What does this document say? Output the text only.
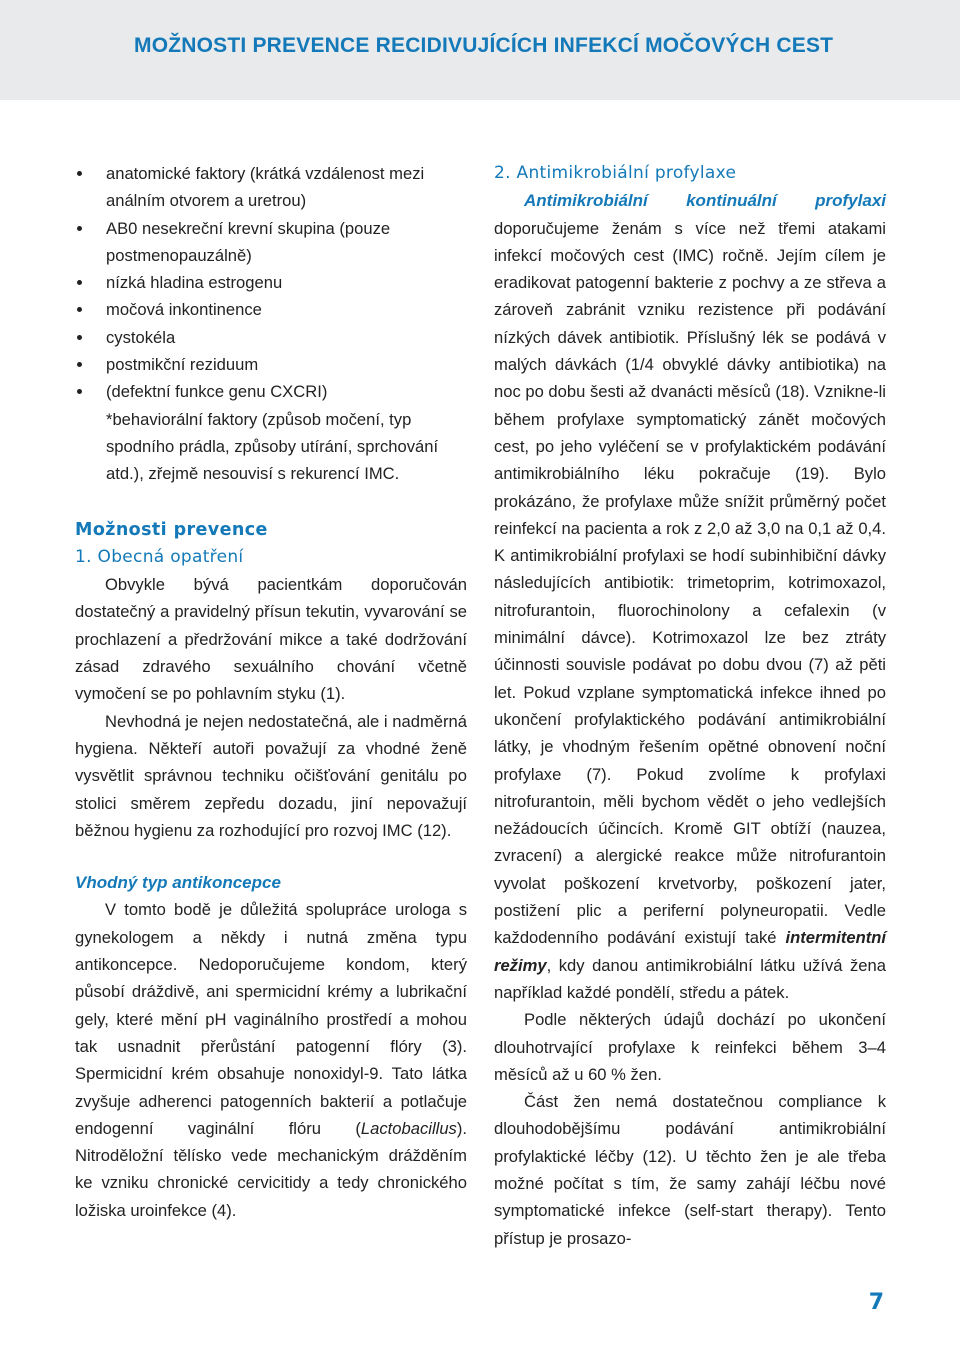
MOŽNOSTI PREVENCE RECIDIVUJÍCÍCH INFEKCÍ MOČOVÝCH CEST
anatomické faktory (krátká vzdálenost mezi análním otvorem a uretrou)
AB0 nesekreční krevní skupina (pouze postmenopauzálně)
nízká hladina estrogenu
močová inkontinence
cystokéla
postmikční reziduum
(defektní funkce genu CXCRI)
*behaviorální faktory (způsob močení, typ spodního prádla, způsoby utírání, sprchování atd.), zřejmě nesouvisí s rekurencí IMC.
Možnosti prevence
1. Obecná opatření

Obvykle bývá pacientkám doporučován dostatečný a pravidelný přísun tekutin, vyvarování se prochlazení a předržování mikce a také dodržování zásad zdravého sexuálního chování včetně vymočení se po pohlavním styku (1).

Nevhodná je nejen nedostatečná, ale i nadměrná hygiena. Někteří autoři považují za vhodné ženě vysvětlit správnou techniku očišťování genitálu po stolici směrem zepředu dozadu, jiní nepovažují běžnou hygienu za rozhodující pro rozvoj IMC (12).

Vhodný typ antikoncepce

V tomto bodě je důležitá spolupráce urologa s gynekologem a někdy i nutná změna typu antikoncepce. Nedoporučujeme kondom, který působí dráždivě, ani spermicidní krémy a lubrikační gely, které mění pH vaginálního prostředí a mohou tak usnadnit přerůstání patogenní flóry (3). Spermicidní krém obsahuje nonoxidyl-9. Tato látka zvyšuje adherenci patogenních bakterií a potlačuje endogenní vaginální flóru (Lactobacillus). Nitroděložní tělísko vede mechanickým drážděním ke vzniku chronické cervicitidy a tedy chronického ložiska uroinfekce (4).

2. Antimikrobiální profylaxe

Antimikrobiální kontinuální profylaxi doporučujeme ženám s více než třemi atakami infekcí močových cest (IMC) ročně. Jejím cílem je eradikovat patogenní bakterie z pochvy a ze střeva a zároveň zabránit vzniku rezistence při podávání nízkých dávek antibiotik. Příslušný lék se podává v malých dávkách (1/4 obvyklé dávky antibiotika) na noc po dobu šesti až dvanácti měsíců (18). Vznikne-li během profylaxe symptomatický zánět močových cest, po jeho vyléčení se v profylaktickém podávání antimikrobiálního léku pokračuje (19). Bylo prokázáno, že profylaxe může snížit průměrný počet reinfekcí na pacienta a rok z 2,0 až 3,0 na 0,1 až 0,4. K antimikrobiální profylaxi se hodí subinhibiční dávky následujících antibiotik: trimetoprim, kotrimoxazol, nitrofurantoin, fluorochinolony a cefalexin (v minimální dávce). Kotrimoxazol lze bez ztráty účinnosti souvisle podávat po dobu dvou (7) až pěti let. Pokud vzplane symptomatická infekce ihned po ukončení profylaktického podávání antimikrobiální látky, je vhodným řešením opětné obnovení noční profylaxe (7). Pokud zvolíme k profylaxi nitrofurantoin, měli bychom vědět o jeho vedlejších nežádoucích účincích. Kromě GIT obtíží (nauzea, zvracení) a alergické reakce může nitrofurantoin vyvolat poškození krvetvorby, poškození jater, postižení plic a periferní polyneuropatii. Vedle každodenního podávání existují také intermitentní režimy, kdy danou antimikrobiální látku užívá žena například každé pondělí, středu a pátek.

Podle některých údajů dochází po ukončení dlouhotrvající profylaxe k reinfekci během 3–4 měsíců až u 60 % žen.

Část žen nemá dostatečnou compliance k dlouhodobějšímu podávání antimikrobiální profylaktické léčby (12). U těchto žen je ale třeba možné počítat s tím, že samy zahájí léčbu nové symptomatické infekce (self-start therapy). Tento přístup je prosazo-

7
